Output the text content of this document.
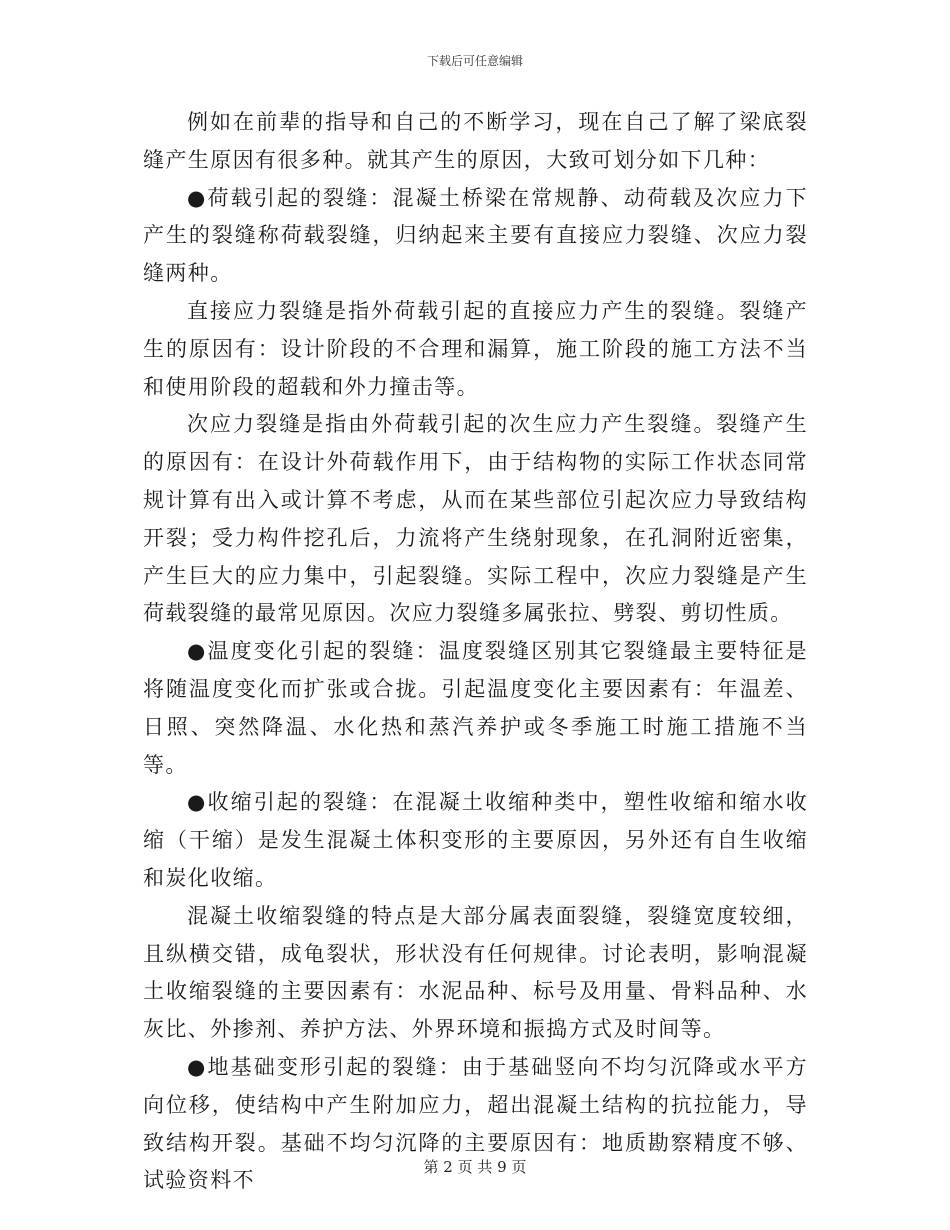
下载后可任意编辑

例如在前辈的指导和自己的不断学习，现在自己了解了梁底裂缝产生原因有很多种。就其产生的原因，大致可划分如下几种：

●荷载引起的裂缝：混凝土桥梁在常规静、动荷载及次应力下产生的裂缝称荷载裂缝，归纳起来主要有直接应力裂缝、次应力裂缝两种。

直接应力裂缝是指外荷载引起的直接应力产生的裂缝。裂缝产生的原因有：设计阶段的不合理和漏算，施工阶段的施工方法不当和使用阶段的超载和外力撞击等。

次应力裂缝是指由外荷载引起的次生应力产生裂缝。裂缝产生的原因有：在设计外荷载作用下，由于结构物的实际工作状态同常规计算有出入或计算不考虑，从而在某些部位引起次应力导致结构开裂；受力构件挖孔后，力流将产生绕射现象，在孔洞附近密集，产生巨大的应力集中，引起裂缝。实际工程中，次应力裂缝是产生荷载裂缝的最常见原因。次应力裂缝多属张拉、劈裂、剪切性质。

●温度变化引起的裂缝：温度裂缝区别其它裂缝最主要特征是将随温度变化而扩张或合拢。引起温度变化主要因素有：年温差、日照、突然降温、水化热和蒸汽养护或冬季施工时施工措施不当等。

●收缩引起的裂缝：在混凝土收缩种类中，塑性收缩和缩水收缩（干缩）是发生混凝土体积变形的主要原因，另外还有自生收缩和炭化收缩。

混凝土收缩裂缝的特点是大部分属表面裂缝，裂缝宽度较细，且纵横交错，成龟裂状，形状没有任何规律。讨论表明，影响混凝土收缩裂缝的主要因素有：水泥品种、标号及用量、骨料品种、水灰比、外掺剂、养护方法、外界环境和振捣方式及时间等。

●地基础变形引起的裂缝：由于基础竖向不均匀沉降或水平方向位移，使结构中产生附加应力，超出混凝土结构的抗拉能力，导致结构开裂。基础不均匀沉降的主要原因有：地质勘察精度不够、试验资料不

第 2 页 共 9 页
